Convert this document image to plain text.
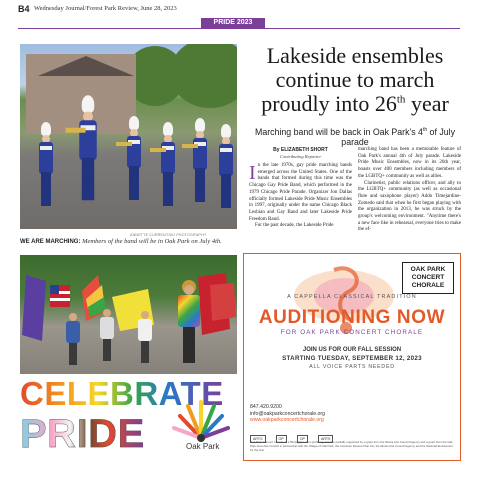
B4 Wednesday Journal/Forest Park Review, June 28, 2023
PRIDE 2023
ANNETTE CURRENT/WJ PHOTOGRAPHY
WE ARE MARCHING: Members of the band will be in Oak Park on July 4th.
Lakeside ensembles
continue to march
proudly into 26th year
Marching band will be back in Oak Park's 4th of July parade
By ELIZABETH SHORT
Contributing Reporter

In the late 1970s, gay pride marching bands emerged across the United States. One of the bands that formed during this time was the Chicago Gay Pride Band, which performed in the 1979 Chicago Pride Parade. Organizer Jon Dallas officially formed Lakeside Pride Music Ensembles in 1997, originally under the name Chicago Black Lesbian and Gay Band and later Lakeside Pride Freedom Band.

For the past decade, the Lakeside Pride

marching band has been a memorable feature of Oak Park's annual 4th of July parade. Lakeside Pride Music Ensembles, now in its 26th year, boasts over 400 members including members of the LGBTQ+ community as well as allies.

Clarinetist, public relations officer, and ally to the LGBTQ+ community (as well as occasional flute and saxophone player) Addo Timejardine-Zomedo said that when he first began playing with the organization in 2013, he was struck by the group's welcoming environment. "Anytime there's a new face like in rehearsal, everyone tries to make the ef-

CELEBRATE
PRIDE	Oak Park
OAK PARK CONCERT CHORALE
A CAPPELLA CLASSICAL TRADITION
AUDITIONING NOW
FOR OAK PARK CONCERT CHORALE
JOIN US FOR OUR FALL SESSION
STARTING TUESDAY, SEPTEMBER 12, 2023
ALL VOICE PARTS NEEDED
847.420.9200
info@oakparkconcertchorale.org
www.oakparkconcertchorale.org
ARTS	OP	OP	ARTS
Oak Park Concert Chorale is a 501(c)(3) not-for-profit organization partially supported by a grant from the Illinois Arts Council Agency and a grant from the Oak Park Area Arts Council in partnership with the Village of Oak Park, the American Rescue Plan Act, the Illinois Arts Council Agency and the National Endowment for the Arts.
